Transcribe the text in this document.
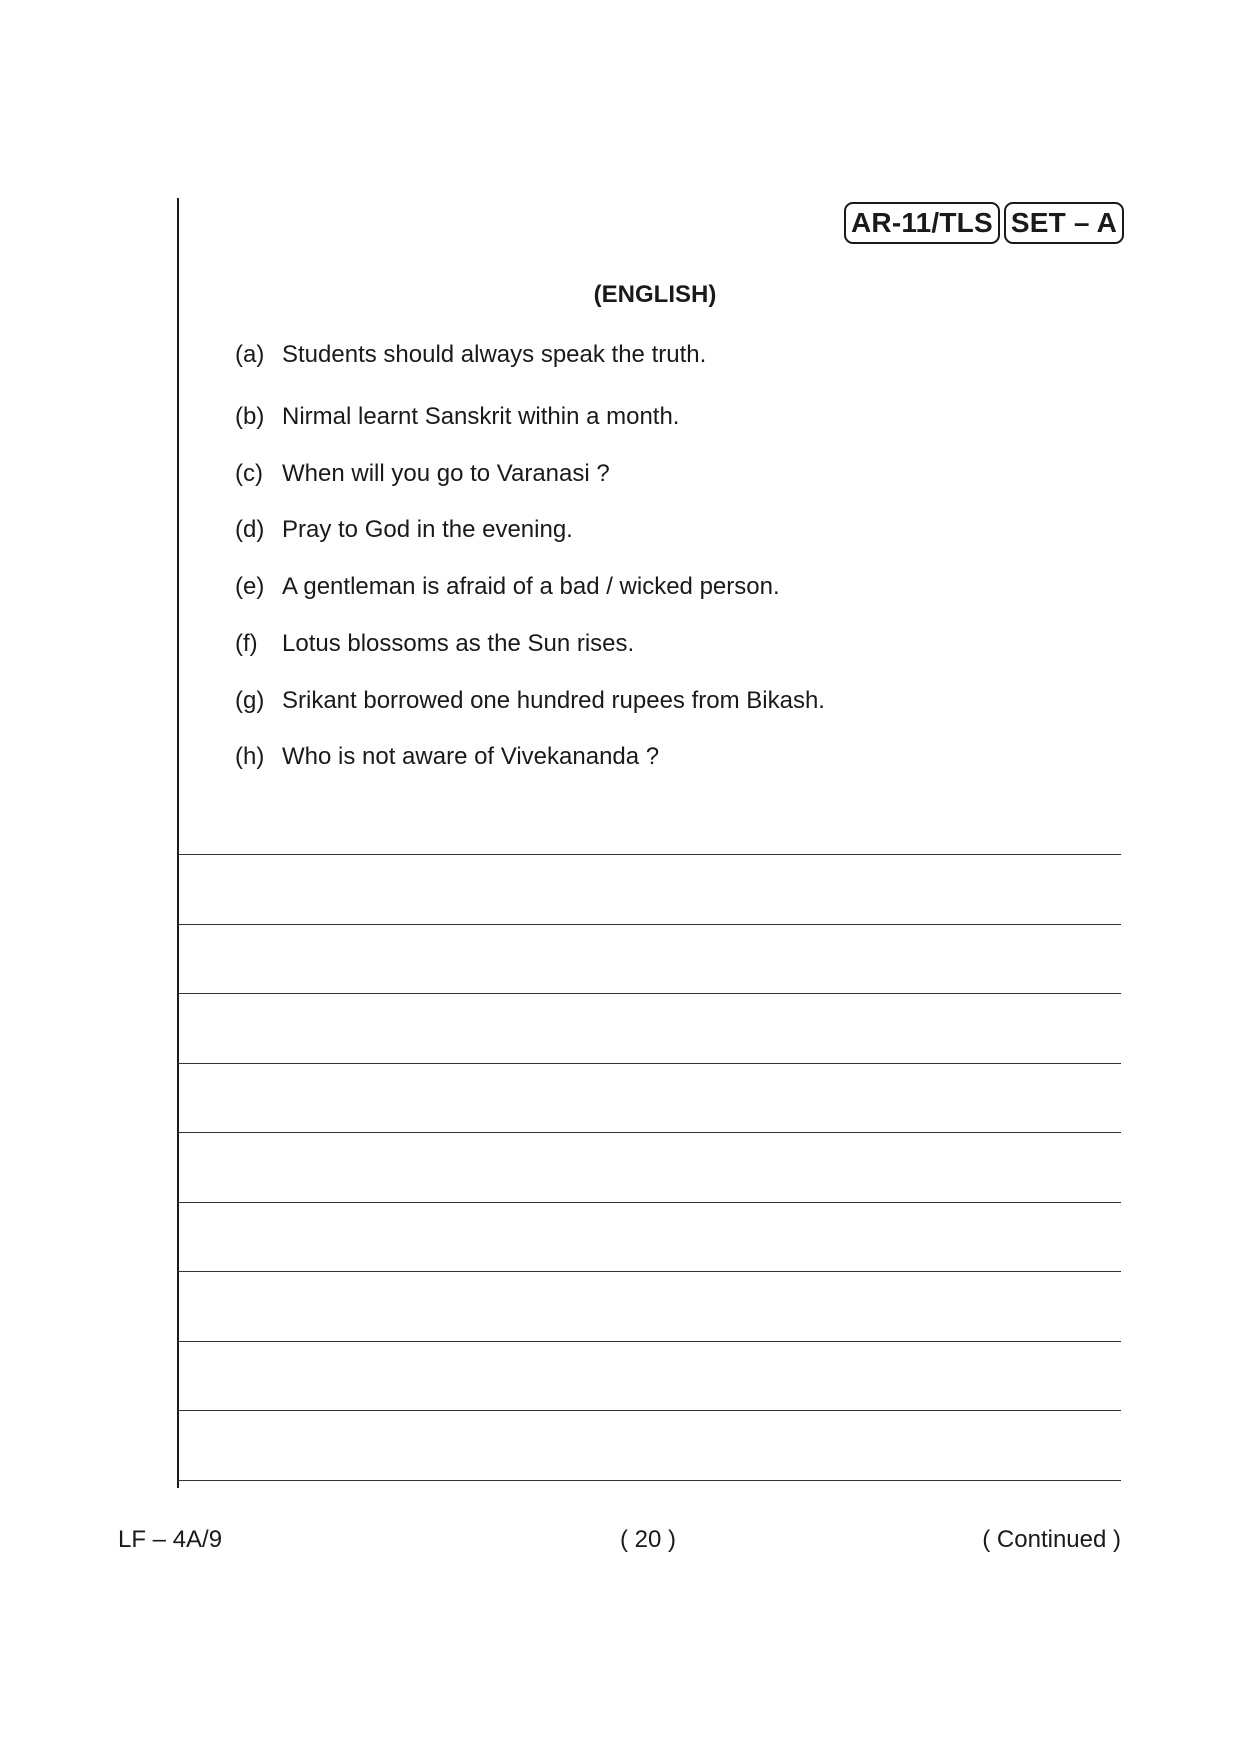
AR-11/TLS SET – A
(ENGLISH)
(a) Students should always speak the truth.
(b) Nirmal learnt Sanskrit within a month.
(c) When will you go to Varanasi ?
(d) Pray to God in the evening.
(e) A gentleman is afraid of a bad / wicked person.
(f) Lotus blossoms as the Sun rises.
(g) Srikant borrowed one hundred rupees from Bikash.
(h) Who is not aware of Vivekananda ?
LF – 4A/9	( 20 )	( Continued )
